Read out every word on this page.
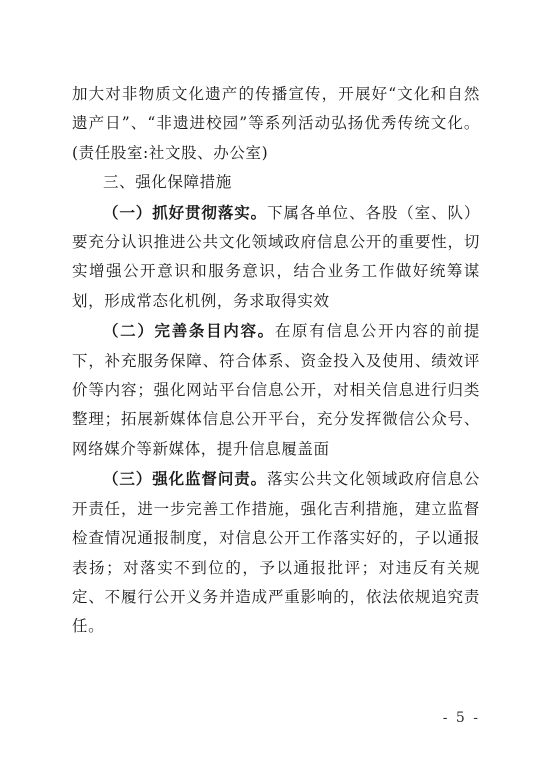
加大对非物质文化遗产的传播宣传，开展好“文化和自然遗产日”、“非遗进校园”等系列活动弘扬优秀传统文化。(责任股室:社文股、办公室)

三、强化保障措施

（一）抓好贯彻落实。下属各单位、各股（室、队）要充分认识推进公共文化领域政府信息公开的重要性，切实增强公开意识和服务意识，结合业务工作做好统筹谋划，形成常态化机例，务求取得实效

（二）完善条目内容。在原有信息公开内容的前提下，补充服务保障、符合体系、资金投入及使用、绩效评价等内容；强化网站平台信息公开，对相关信息进行归类整理；拓展新媒体信息公开平台，充分发挥微信公众号、网络媒介等新媒体，提升信息履盖面

（三）强化监督问责。落实公共文化领域政府信息公开责任，进一步完善工作措施，强化吉利措施，建立监督检查情况通报制度，对信息公开工作落实好的，子以通报表扬；对落实不到位的，予以通报批评；对违反有关规定、不履行公开义务并造成严重影响的，依法依规追究责任。

- 5 -
